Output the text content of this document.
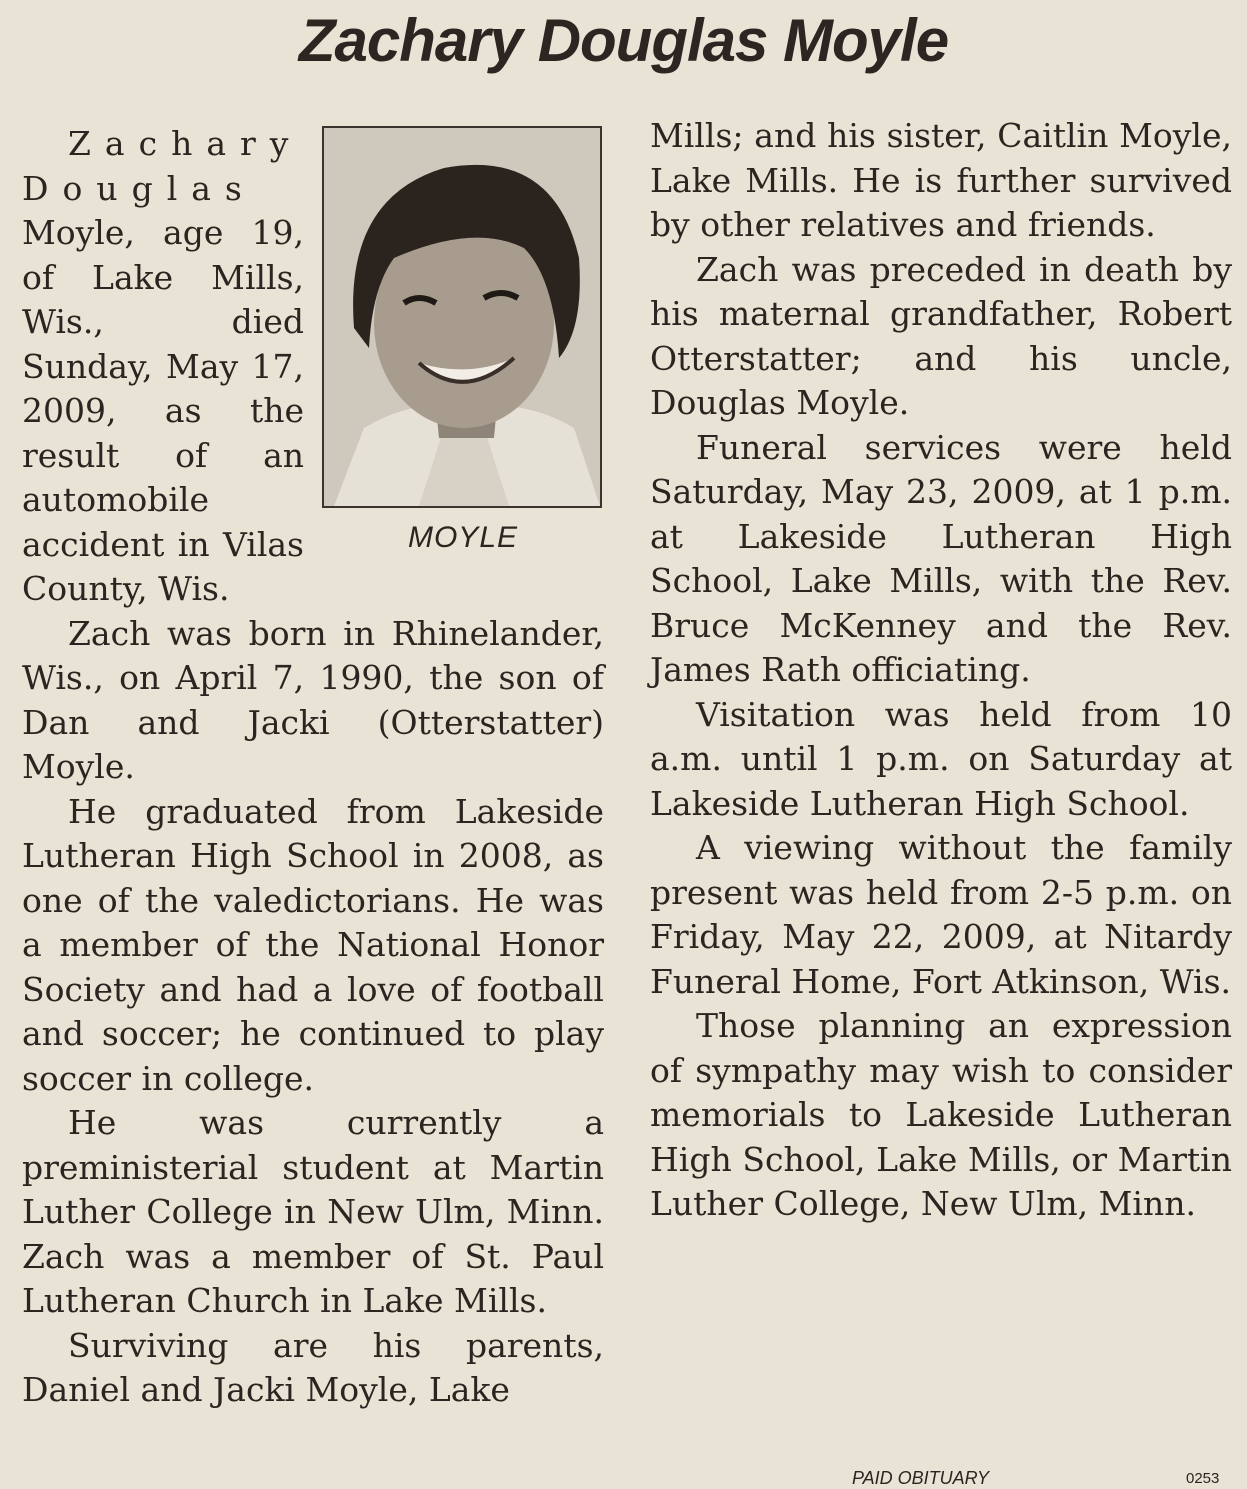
Zachary Douglas Moyle
MOYLE

Zachary

Douglas

Moyle, age 19, of Lake Mills, Wis., died Sunday, May 17, 2009, as the result of an automobile accident in Vilas County, Wis.

Zach was born in Rhinelander, Wis., on April 7, 1990, the son of Dan and Jacki (Otterstatter) Moyle.

He graduated from Lakeside Lutheran High School in 2008, as one of the valedictorians. He was a member of the National Honor Society and had a love of football and soccer; he continued to play soccer in college.

He was currently a preministerial student at Martin Luther College in New Ulm, Minn. Zach was a member of St. Paul Lutheran Church in Lake Mills.

Surviving are his parents, Daniel and Jacki Moyle, Lake

Mills; and his sister, Caitlin Moyle, Lake Mills. He is further survived by other relatives and friends.

Zach was preceded in death by his maternal grandfather, Robert Otterstatter; and his uncle, Douglas Moyle.

Funeral services were held Saturday, May 23, 2009, at 1 p.m. at Lakeside Lutheran High School, Lake Mills, with the Rev. Bruce McKenney and the Rev. James Rath officiating.

Visitation was held from 10 a.m. until 1 p.m. on Saturday at Lakeside Lutheran High School.

A viewing without the family present was held from 2-5 p.m. on Friday, May 22, 2009, at Nitardy Funeral Home, Fort Atkinson, Wis.

Those planning an expression of sympathy may wish to consider memorials to Lakeside Lutheran High School, Lake Mills, or Martin Luther College, New Ulm, Minn.

PAID OBITUARY	0253
